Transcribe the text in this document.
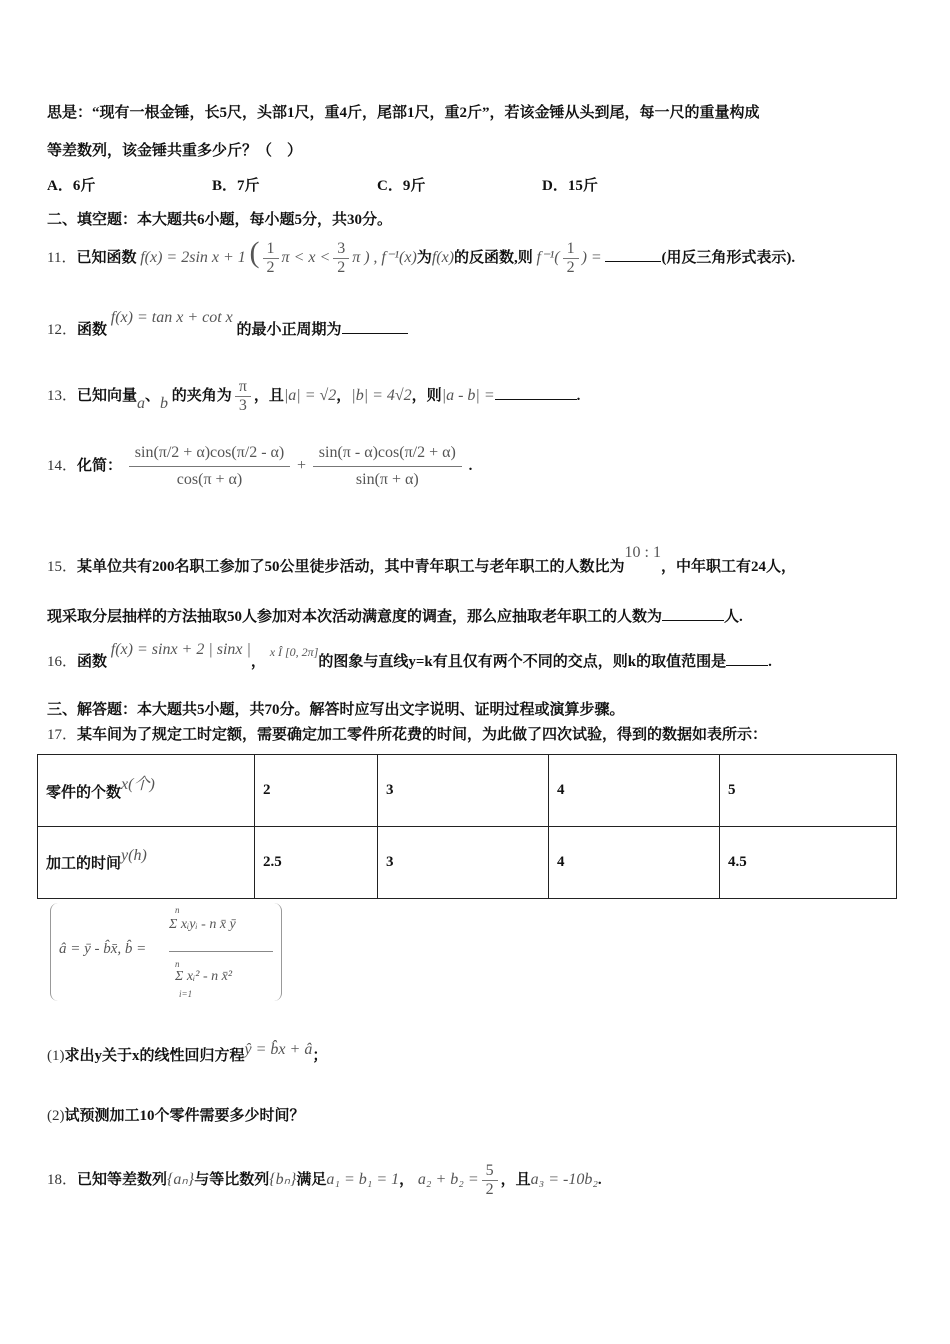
思是：“现有一根金锤，长5尺，头部1尺，重4斤，尾部1尺，重2斤”，若该金锤从头到尾，每一尺的重量构成
等差数列，该金锤共重多少斤？（　）
A．6斤	B．7斤	C．9斤	D．15斤
二、填空题：本大题共6小题，每小题5分，共30分。
11．已知函数 f(x) = 2sin x + 1 ( $\frac{1}{2}$ $\pi < x < \frac{3}{2}$ π ) , f⁻¹(x)为f(x)的反函数,则 $f^{-1}( \frac{1}{2}$ ) =	(用反三角形式表示).
12．函数 f(x) = tan x + cot x 的最小正周期为
13．已知向量a、b 的夹角为 $\frac{\pi}{3}$ ，且|a| = √2，|b| = 4√2，则|a - b| =	.
14．化简： $\frac{\sin(\pi/2 + \alpha)\cos(\pi/2 - \alpha)}{\cos(\pi + \alpha)} + \frac{\sin(\pi - \alpha)\cos(\pi/2 + \alpha)}{\sin(\pi + \alpha)}$ .
15．某单位共有200名职工参加了50公里徒步活动，其中青年职工与老年职工的人数比为10 : 1，中年职工有24人，
现采取分层抽样的方法抽取50人参加对本次活动满意度的调查，那么应抽取老年职工的人数为	人.
16．函数 f(x) = sinx + 2 | sinx |， $^{x Î [0, 2\pi]}$的图象与直线y=k有且仅有两个不同的交点，则k的取值范围是	.
三、解答题：本大题共5小题，共70分。解答时应写出文字说明、证明过程或演算步骤。
17．某车间为了规定工时定额，需要确定加工零件所花费的时间，为此做了四次试验，得到的数据如表所示：
零件的个数x(个)	2	3	4	5
加工的时间y(h)	2.5	3	4	4.5
â = ȳ - b̂x̄, b̂ =
n
Σ xᵢyᵢ - n x̄ ȳ
n
Σ xᵢ² - n x̄²
i=1
(1)求出y关于x的线性回归方程ŷ = b̂x + â；
(2)试预测加工10个零件需要多少时间？
18．已知等差数列{aₙ}与等比数列{bₙ}满足a₁ = b₁ = 1， $a_2 + b_2 = \frac{5}{2}$ ，且a₃ = -10b₂.
